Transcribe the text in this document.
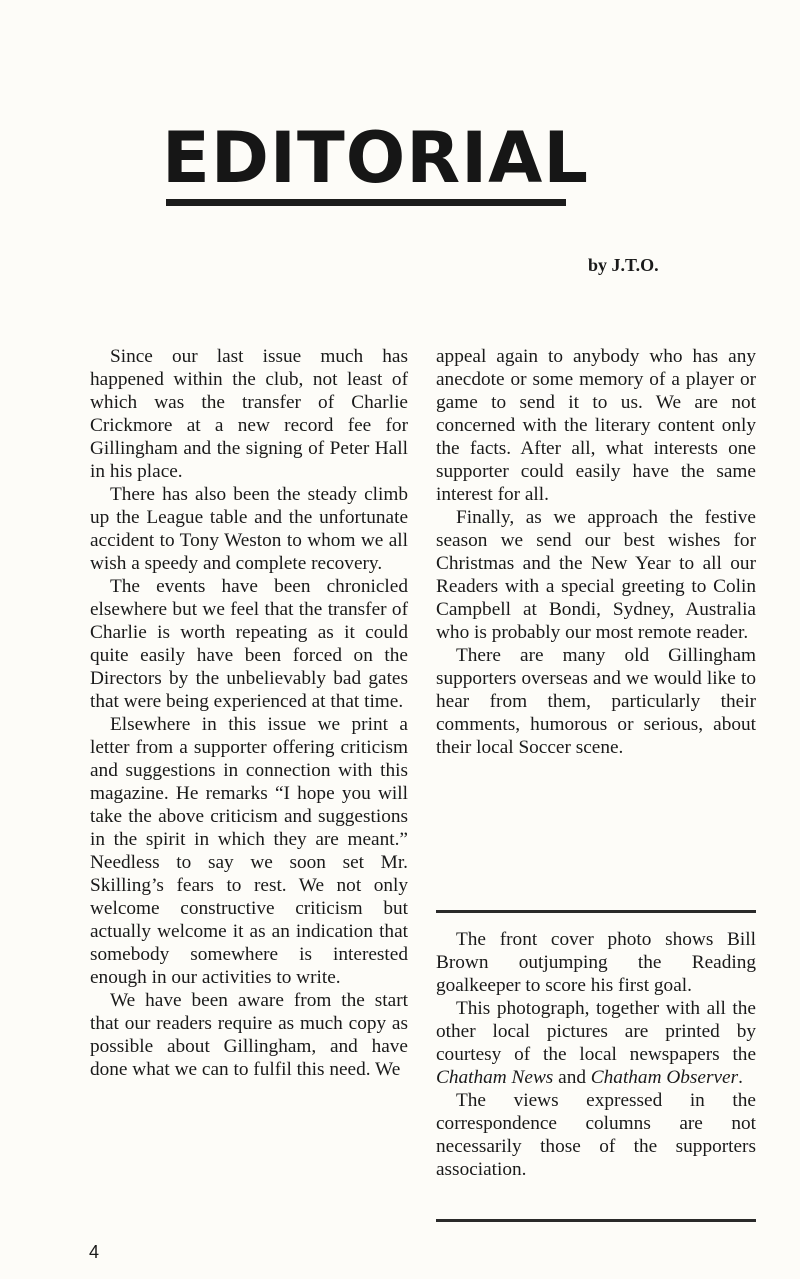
EDITORIAL
by J.T.O.

Since our last issue much has happened within the club, not least of which was the transfer of Charlie Crickmore at a new record fee for Gillingham and the signing of Peter Hall in his place.

There has also been the steady climb up the League table and the unfortunate accident to Tony Weston to whom we all wish a speedy and complete recovery.

The events have been chronicled elsewhere but we feel that the transfer of Charlie is worth repeating as it could quite easily have been forced on the Directors by the unbelievably bad gates that were being experienced at that time.

Elsewhere in this issue we print a letter from a supporter offering criticism and suggestions in connection with this magazine. He remarks “I hope you will take the above criticism and suggestions in the spirit in which they are meant.” Needless to say we soon set Mr. Skilling’s fears to rest. We not only welcome constructive criticism but actually welcome it as an indication that somebody somewhere is interested enough in our activities to write.

We have been aware from the start that our readers require as much copy as possible about Gillingham, and have done what we can to fulfil this need. We

appeal again to anybody who has any anecdote or some memory of a player or game to send it to us. We are not concerned with the literary content only the facts. After all, what interests one supporter could easily have the same interest for all.

Finally, as we approach the festive season we send our best wishes for Christmas and the New Year to all our Readers with a special greeting to Colin Campbell at Bondi, Sydney, Australia who is probably our most remote reader.

There are many old Gillingham supporters overseas and we would like to hear from them, particularly their comments, humorous or serious, about their local Soccer scene.

The front cover photo shows Bill Brown outjumping the Reading goalkeeper to score his first goal.

This photograph, together with all the other local pictures are printed by courtesy of the local newspapers the Chatham News and Chatham Observer.

The views expressed in the correspondence columns are not necessarily those of the supporters association.

4
